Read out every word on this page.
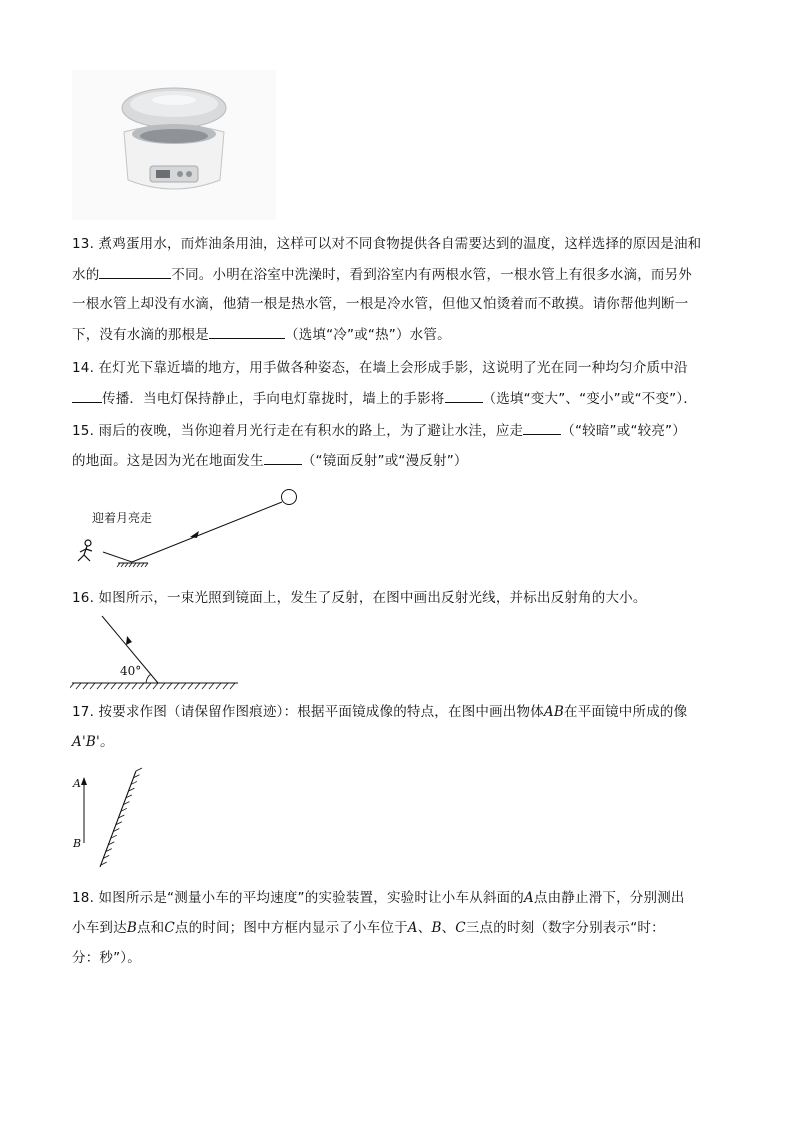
13. 煮鸡蛋用水，而炸油条用油，这样可以对不同食物提供各自需要达到的温度，这样选择的原因是油和
水的	不同。小明在浴室中洗澡时，看到浴室内有两根水管，一根水管上有很多水滴，而另外
一根水管上却没有水滴，他猜一根是热水管，一根是冷水管，但他又怕烫着而不敢摸。请你帮他判断一
下，没有水滴的那根是	（选填“冷”或“热”）水管。
14. 在灯光下靠近墙的地方，用手做各种姿态，在墙上会形成手影，这说明了光在同一种均匀介质中沿
传播．当电灯保持静止，手向电灯靠拢时，墙上的手影将	（选填“变大”、“变小”或“不变”）．
15. 雨后的夜晚，当你迎着月光行走在有积水的路上，为了避让水洼，应走	（“较暗”或“较亮”）
的地面。这是因为光在地面发生	（“镜面反射”或“漫反射”）
迎着月亮走
16. 如图所示，一束光照到镜面上，发生了反射，在图中画出反射光线，并标出反射角的大小。
40°
17. 按要求作图（请保留作图痕迹）：根据平面镜成像的特点，在图中画出物体AB在平面镜中所成的像
A'B'。
A
B
18. 如图所示是“测量小车的平均速度”的实验装置，实验时让小车从斜面的A点由静止滑下，分别测出
小车到达B点和C点的时间；图中方框内显示了小车位于A、B、C三点的时刻（数字分别表示“时：
分：秒”）。
